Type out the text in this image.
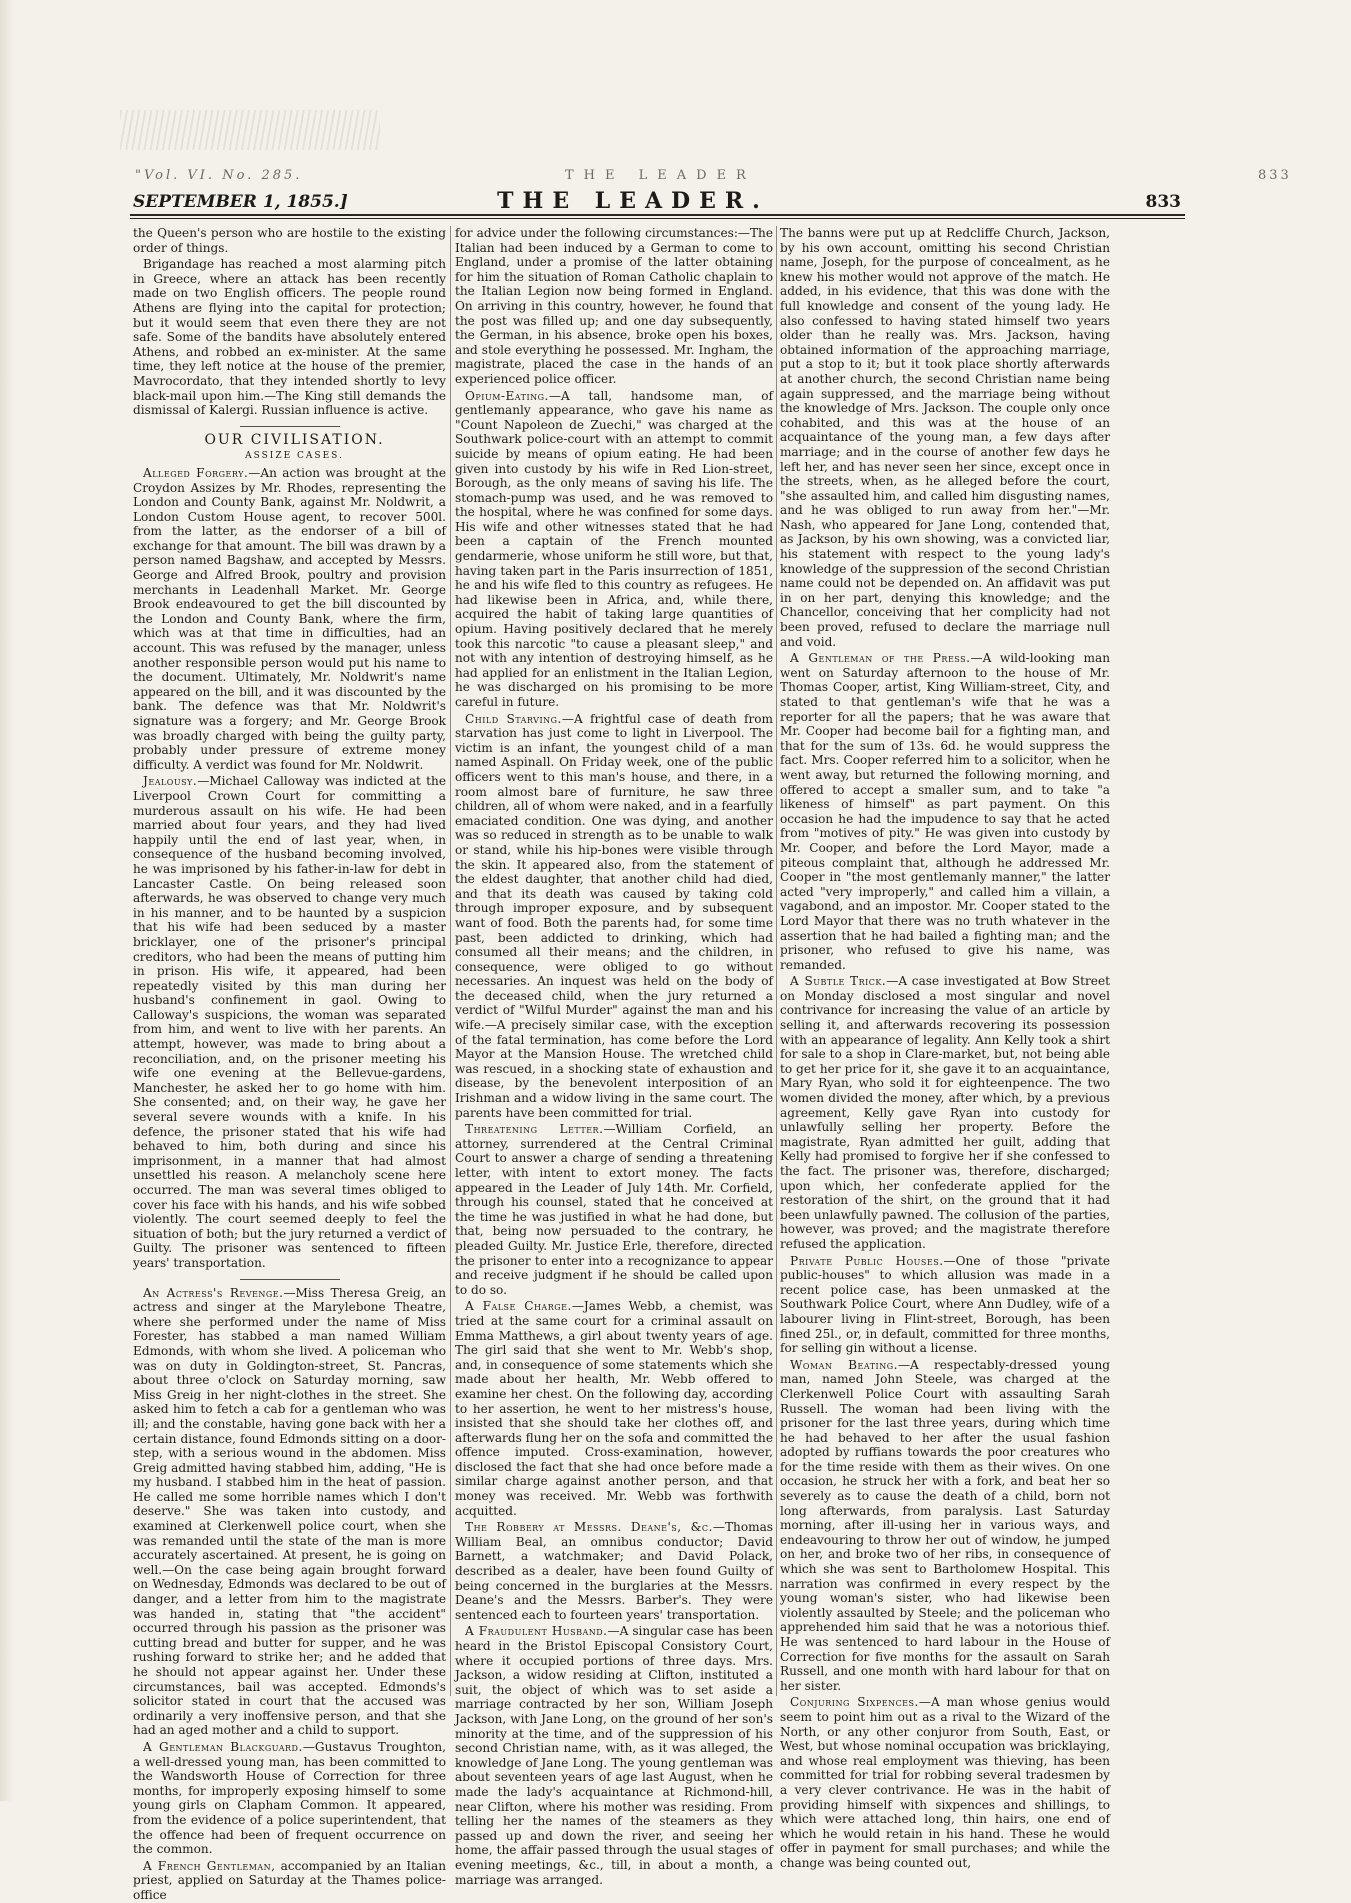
"Vol. VI. No. 285.	THE LEADER	833
SEPTEMBER 1, 1855.]	THE LEADER.	833

the Queen's person who are hostile to the existing order of things.

Brigandage has reached a most alarming pitch in Greece, where an attack has been recently made on two English officers. The people round Athens are flying into the capital for protection; but it would seem that even there they are not safe. Some of the bandits have absolutely entered Athens, and robbed an ex-minister. At the same time, they left notice at the house of the premier, Mavrocordato, that they intended shortly to levy black-mail upon him.—The King still demands the dismissal of Kalergi. Russian influence is active.

OUR CIVILISATION.

ASSIZE CASES.

Alleged Forgery.—An action was brought at the Croydon Assizes by Mr. Rhodes, representing the London and County Bank, against Mr. Noldwrit, a London Custom House agent, to recover 500l. from the latter, as the endorser of a bill of exchange for that amount. The bill was drawn by a person named Bagshaw, and accepted by Messrs. George and Alfred Brook, poultry and provision merchants in Leadenhall Market. Mr. George Brook endeavoured to get the bill discounted by the London and County Bank, where the firm, which was at that time in difficulties, had an account. This was refused by the manager, unless another responsible person would put his name to the document. Ultimately, Mr. Noldwrit's name appeared on the bill, and it was discounted by the bank. The defence was that Mr. Noldwrit's signature was a forgery; and Mr. George Brook was broadly charged with being the guilty party, probably under pressure of extreme money difficulty. A verdict was found for Mr. Noldwrit.

Jealousy.—Michael Calloway was indicted at the Liverpool Crown Court for committing a murderous assault on his wife. He had been married about four years, and they had lived happily until the end of last year, when, in consequence of the husband becoming involved, he was imprisoned by his father-in-law for debt in Lancaster Castle. On being released soon afterwards, he was observed to change very much in his manner, and to be haunted by a suspicion that his wife had been seduced by a master bricklayer, one of the prisoner's principal creditors, who had been the means of putting him in prison. His wife, it appeared, had been repeatedly visited by this man during her husband's confinement in gaol. Owing to Calloway's suspicions, the woman was separated from him, and went to live with her parents. An attempt, however, was made to bring about a reconciliation, and, on the prisoner meeting his wife one evening at the Bellevue-gardens, Manchester, he asked her to go home with him. She consented; and, on their way, he gave her several severe wounds with a knife. In his defence, the prisoner stated that his wife had behaved to him, both during and since his imprisonment, in a manner that had almost unsettled his reason. A melancholy scene here occurred. The man was several times obliged to cover his face with his hands, and his wife sobbed violently. The court seemed deeply to feel the situation of both; but the jury returned a verdict of Guilty. The prisoner was sentenced to fifteen years' transportation.

An Actress's Revenge.—Miss Theresa Greig, an actress and singer at the Marylebone Theatre, where she performed under the name of Miss Forester, has stabbed a man named William Edmonds, with whom she lived. A policeman who was on duty in Goldington-street, St. Pancras, about three o'clock on Saturday morning, saw Miss Greig in her night-clothes in the street. She asked him to fetch a cab for a gentleman who was ill; and the constable, having gone back with her a certain distance, found Edmonds sitting on a door-step, with a serious wound in the abdomen. Miss Greig admitted having stabbed him, adding, "He is my husband. I stabbed him in the heat of passion. He called me some horrible names which I don't deserve." She was taken into custody, and examined at Clerkenwell police court, when she was remanded until the state of the man is more accurately ascertained. At present, he is going on well.—On the case being again brought forward on Wednesday, Edmonds was declared to be out of danger, and a letter from him to the magistrate was handed in, stating that "the accident" occurred through his passion as the prisoner was cutting bread and butter for supper, and he was rushing forward to strike her; and he added that he should not appear against her. Under these circumstances, bail was accepted. Edmonds's solicitor stated in court that the accused was ordinarily a very inoffensive person, and that she had an aged mother and a child to support.

A Gentleman Blackguard.—Gustavus Troughton, a well-dressed young man, has been committed to the Wandsworth House of Correction for three months, for improperly exposing himself to some young girls on Clapham Common. It appeared, from the evidence of a police superintendent, that the offence had been of frequent occurrence on the common.

A French Gentleman, accompanied by an Italian priest, applied on Saturday at the Thames police-office

for advice under the following circumstances:—The Italian had been induced by a German to come to England, under a promise of the latter obtaining for him the situation of Roman Catholic chaplain to the Italian Legion now being formed in England. On arriving in this country, however, he found that the post was filled up; and one day subsequently, the German, in his absence, broke open his boxes, and stole everything he possessed. Mr. Ingham, the magistrate, placed the case in the hands of an experienced police officer.

Opium-Eating.—A tall, handsome man, of gentlemanly appearance, who gave his name as "Count Napoleon de Zuechi," was charged at the Southwark police-court with an attempt to commit suicide by means of opium eating. He had been given into custody by his wife in Red Lion-street, Borough, as the only means of saving his life. The stomach-pump was used, and he was removed to the hospital, where he was confined for some days. His wife and other witnesses stated that he had been a captain of the French mounted gendarmerie, whose uniform he still wore, but that, having taken part in the Paris insurrection of 1851, he and his wife fled to this country as refugees. He had likewise been in Africa, and, while there, acquired the habit of taking large quantities of opium. Having positively declared that he merely took this narcotic "to cause a pleasant sleep," and not with any intention of destroying himself, as he had applied for an enlistment in the Italian Legion, he was discharged on his promising to be more careful in future.

Child Starving.—A frightful case of death from starvation has just come to light in Liverpool. The victim is an infant, the youngest child of a man named Aspinall. On Friday week, one of the public officers went to this man's house, and there, in a room almost bare of furniture, he saw three children, all of whom were naked, and in a fearfully emaciated condition. One was dying, and another was so reduced in strength as to be unable to walk or stand, while his hip-bones were visible through the skin. It appeared also, from the statement of the eldest daughter, that another child had died, and that its death was caused by taking cold through improper exposure, and by subsequent want of food. Both the parents had, for some time past, been addicted to drinking, which had consumed all their means; and the children, in consequence, were obliged to go without necessaries. An inquest was held on the body of the deceased child, when the jury returned a verdict of "Wilful Murder" against the man and his wife.—A precisely similar case, with the exception of the fatal termination, has come before the Lord Mayor at the Mansion House. The wretched child was rescued, in a shocking state of exhaustion and disease, by the benevolent interposition of an Irishman and a widow living in the same court. The parents have been committed for trial.

Threatening Letter.—William Corfield, an attorney, surrendered at the Central Criminal Court to answer a charge of sending a threatening letter, with intent to extort money. The facts appeared in the Leader of July 14th. Mr. Corfield, through his counsel, stated that he conceived at the time he was justified in what he had done, but that, being now persuaded to the contrary, he pleaded Guilty. Mr. Justice Erle, therefore, directed the prisoner to enter into a recognizance to appear and receive judgment if he should be called upon to do so.

A False Charge.—James Webb, a chemist, was tried at the same court for a criminal assault on Emma Matthews, a girl about twenty years of age. The girl said that she went to Mr. Webb's shop, and, in consequence of some statements which she made about her health, Mr. Webb offered to examine her chest. On the following day, according to her assertion, he went to her mistress's house, insisted that she should take her clothes off, and afterwards flung her on the sofa and committed the offence imputed. Cross-examination, however, disclosed the fact that she had once before made a similar charge against another person, and that money was received. Mr. Webb was forthwith acquitted.

The Robbery at Messrs. Deane's, &c.—Thomas William Beal, an omnibus conductor; David Barnett, a watchmaker; and David Polack, described as a dealer, have been found Guilty of being concerned in the burglaries at the Messrs. Deane's and the Messrs. Barber's. They were sentenced each to fourteen years' transportation.

A Fraudulent Husband.—A singular case has been heard in the Bristol Episcopal Consistory Court, where it occupied portions of three days. Mrs. Jackson, a widow residing at Clifton, instituted a suit, the object of which was to set aside a marriage contracted by her son, William Joseph Jackson, with Jane Long, on the ground of her son's minority at the time, and of the suppression of his second Christian name, with, as it was alleged, the knowledge of Jane Long. The young gentleman was about seventeen years of age last August, when he made the lady's acquaintance at Richmond-hill, near Clifton, where his mother was residing. From telling her the names of the steamers as they passed up and down the river, and seeing her home, the affair passed through the usual stages of evening meetings, &c., till, in about a month, a marriage was arranged.

The banns were put up at Redcliffe Church, Jackson, by his own account, omitting his second Christian name, Joseph, for the purpose of concealment, as he knew his mother would not approve of the match. He added, in his evidence, that this was done with the full knowledge and consent of the young lady. He also confessed to having stated himself two years older than he really was. Mrs. Jackson, having obtained information of the approaching marriage, put a stop to it; but it took place shortly afterwards at another church, the second Christian name being again suppressed, and the marriage being without the knowledge of Mrs. Jackson. The couple only once cohabited, and this was at the house of an acquaintance of the young man, a few days after marriage; and in the course of another few days he left her, and has never seen her since, except once in the streets, when, as he alleged before the court, "she assaulted him, and called him disgusting names, and he was obliged to run away from her."—Mr. Nash, who appeared for Jane Long, contended that, as Jackson, by his own showing, was a convicted liar, his statement with respect to the young lady's knowledge of the suppression of the second Christian name could not be depended on. An affidavit was put in on her part, denying this knowledge; and the Chancellor, conceiving that her complicity had not been proved, refused to declare the marriage null and void.

A Gentleman of the Press.—A wild-looking man went on Saturday afternoon to the house of Mr. Thomas Cooper, artist, King William-street, City, and stated to that gentleman's wife that he was a reporter for all the papers; that he was aware that Mr. Cooper had become bail for a fighting man, and that for the sum of 13s. 6d. he would suppress the fact. Mrs. Cooper referred him to a solicitor, when he went away, but returned the following morning, and offered to accept a smaller sum, and to take "a likeness of himself" as part payment. On this occasion he had the impudence to say that he acted from "motives of pity." He was given into custody by Mr. Cooper, and before the Lord Mayor, made a piteous complaint that, although he addressed Mr. Cooper in "the most gentlemanly manner," the latter acted "very improperly," and called him a villain, a vagabond, and an impostor. Mr. Cooper stated to the Lord Mayor that there was no truth whatever in the assertion that he had bailed a fighting man; and the prisoner, who refused to give his name, was remanded.

A Subtle Trick.—A case investigated at Bow Street on Monday disclosed a most singular and novel contrivance for increasing the value of an article by selling it, and afterwards recovering its possession with an appearance of legality. Ann Kelly took a shirt for sale to a shop in Clare-market, but, not being able to get her price for it, she gave it to an acquaintance, Mary Ryan, who sold it for eighteenpence. The two women divided the money, after which, by a previous agreement, Kelly gave Ryan into custody for unlawfully selling her property. Before the magistrate, Ryan admitted her guilt, adding that Kelly had promised to forgive her if she confessed to the fact. The prisoner was, therefore, discharged; upon which, her confederate applied for the restoration of the shirt, on the ground that it had been unlawfully pawned. The collusion of the parties, however, was proved; and the magistrate therefore refused the application.

Private Public Houses.—One of those "private public-houses" to which allusion was made in a recent police case, has been unmasked at the Southwark Police Court, where Ann Dudley, wife of a labourer living in Flint-street, Borough, has been fined 25l., or, in default, committed for three months, for selling gin without a license.

Woman Beating.—A respectably-dressed young man, named John Steele, was charged at the Clerkenwell Police Court with assaulting Sarah Russell. The woman had been living with the prisoner for the last three years, during which time he had behaved to her after the usual fashion adopted by ruffians towards the poor creatures who for the time reside with them as their wives. On one occasion, he struck her with a fork, and beat her so severely as to cause the death of a child, born not long afterwards, from paralysis. Last Saturday morning, after ill-using her in various ways, and endeavouring to throw her out of window, he jumped on her, and broke two of her ribs, in consequence of which she was sent to Bartholomew Hospital. This narration was confirmed in every respect by the young woman's sister, who had likewise been violently assaulted by Steele; and the policeman who apprehended him said that he was a notorious thief. He was sentenced to hard labour in the House of Correction for five months for the assault on Sarah Russell, and one month with hard labour for that on her sister.

Conjuring Sixpences.—A man whose genius would seem to point him out as a rival to the Wizard of the North, or any other conjuror from South, East, or West, but whose nominal occupation was bricklaying, and whose real employment was thieving, has been committed for trial for robbing several tradesmen by a very clever contrivance. He was in the habit of providing himself with sixpences and shillings, to which were attached long, thin hairs, one end of which he would retain in his hand. These he would offer in payment for small purchases; and while the change was being counted out,
